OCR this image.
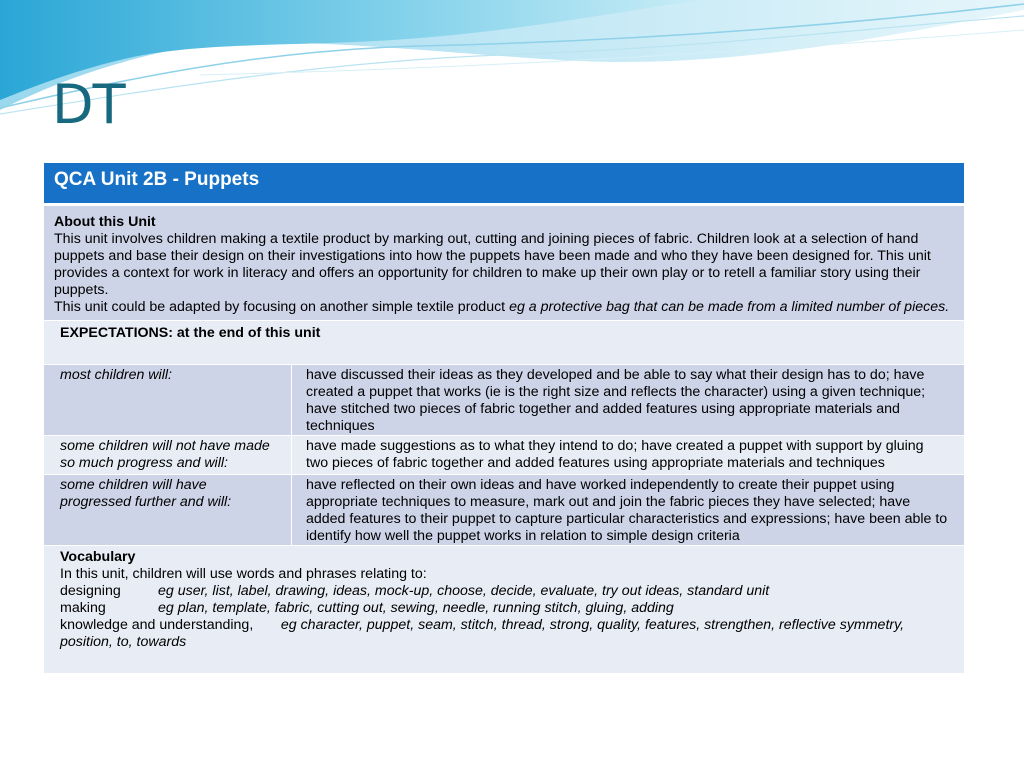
DT
QCA Unit 2B - Puppets	

About this Unit
This unit involves children making a textile product by marking out, cutting and joining pieces of fabric. Children look at a selection of hand puppets and base their design on their investigations into how the puppets have been made and who they have been designed for. This unit provides a context for work in literacy and offers an opportunity for children to make up their own play or to retell a familiar story using their puppets.
This unit could be adapted by focusing on another simple textile product eg a protective bag that can be made from a limited number of pieces.	

EXPECTATIONS: at the end of this unit	
most children will:	have discussed their ideas as they developed and be able to say what their design has to do; have created a puppet that works (ie is the right size and reflects the character) using a given technique; have stitched two pieces of fabric together and added features using appropriate materials and techniques
some children will not have made so much progress and will:	have made suggestions as to what they intend to do; have created a puppet with support by gluing two pieces of fabric together and added features using appropriate materials and techniques
some children will have progressed further and will:	have reflected on their own ideas and have worked independently to create their puppet using appropriate techniques to measure, mark out and join the fabric pieces they have selected; have added features to their puppet to capture particular characteristics and expressions; have been able to identify how well the puppet works in relation to simple design criteria

Vocabulary
In this unit, children will use words and phrases relating to:
designing eg user, list, label, drawing, ideas, mock-up, choose, decide, evaluate, try out ideas, standard unit
making eg plan, template, fabric, cutting out, sewing, needle, running stitch, gluing, adding
knowledge and understanding, eg character, puppet, seam, stitch, thread, strong, quality, features, strengthen, reflective symmetry, position, to, towards	
